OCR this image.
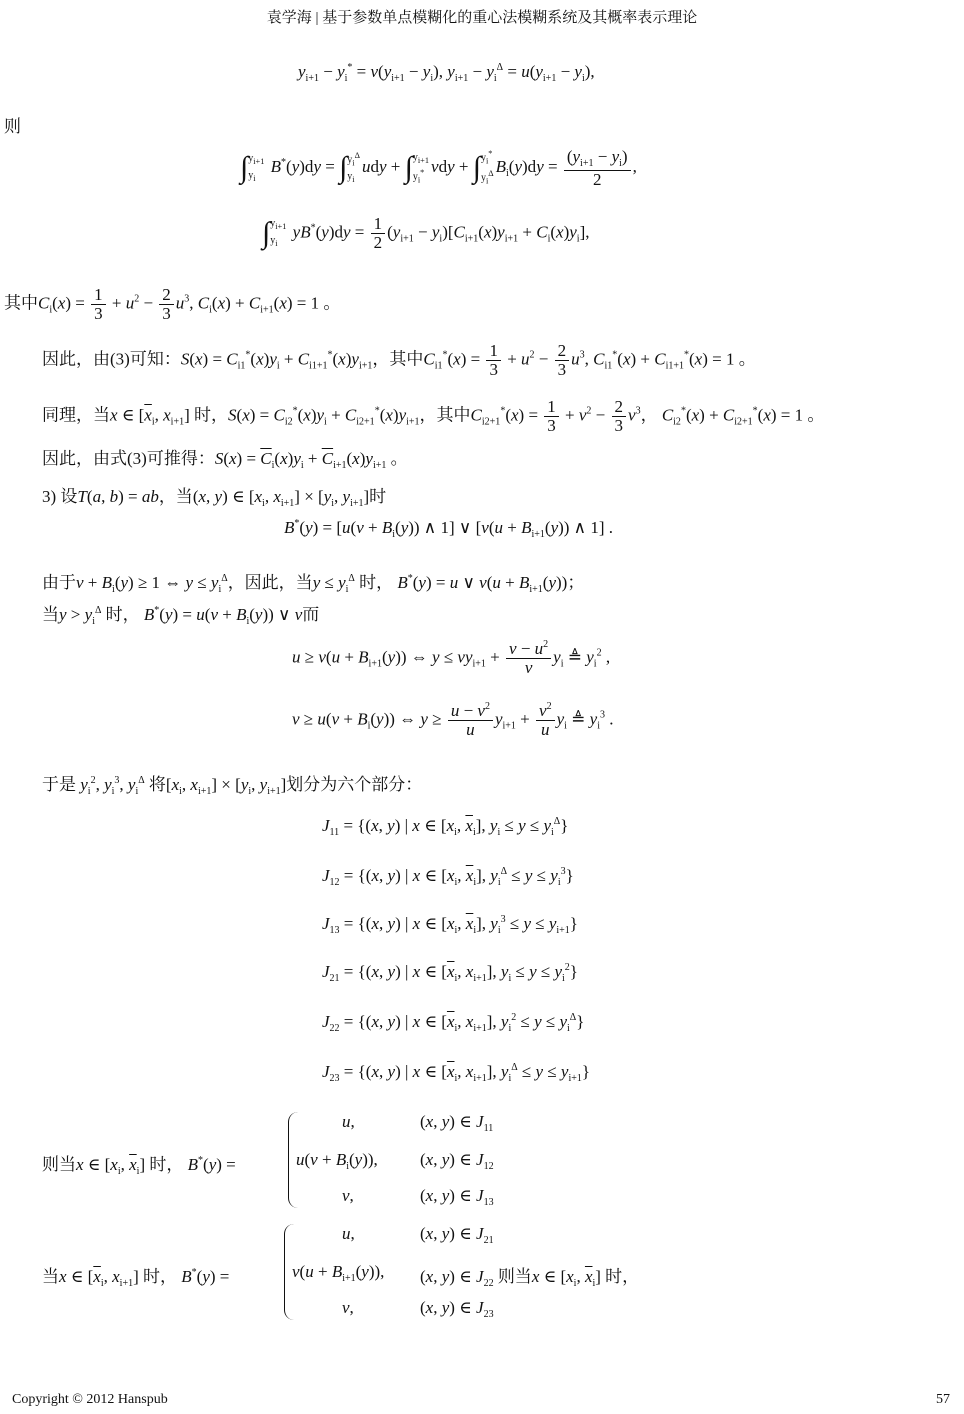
袁学海 | 基于参数单点模糊化的重心法模糊系统及其概率表示理论
$y_{i+1} - y_i^* = v(y_{i+1} - y_i)$, $y_{i+1} - y_i^\Delta = u(y_{i+1} - y_i)$,
则
$\int y_{i+1}$
$y_i$ $B^*(y)dy = \int y_i^\Delta$
$y_iudy + \int y_{i+1}$
$y_i^*$ vdy + $\int y_i^*$
$y_i^\Delta$ $B_i(y)dy = \frac{(y_{i+1} - y_i)}{2}$ ,
$\int y_{i+1}$
$y_i$ $yB^*(y)dy = \frac{1}{2} (y_{i+1} - y_i)[C_{i+1}(x)y_{i+1} + C_i(x)y_i]$,
其中$C_i(x) = \frac{1}{3} + u^2 - \frac{2}{3} u^3$, $C_i(x) + C_{i+1}(x) = 1$ 。
因此，由(3)可知：$S(x) = C_{i1}^*(x)y_i + C_{i1+1}^*(x)y_{i+1}$，其中$C_{i1}^*(x) = \frac{1}{3} + u^2 - \frac{2}{3} u^3$, $C_{i1}^*(x) + C_{i1+1}^*(x) = 1$ 。
同理，当x ∈ [$\overline{x}_i$, $x_{i+1}$] 时，$S(x) = C_{i2}^*(x)y_i + C_{i2+1}^*(x)y_{i+1}$，其中$C_{i2+1}^*(x) = \frac{1}{3} + v^2 - \frac{2}{3} v^3$， $C_{i2}^*(x) + C_{i2+1}^*(x) = 1$ 。
因此，由式(3)可推得：$S(x) = \overline{C}_i(x)y_i + \overline{C}_{i+1}(x)y_{i+1}$ 。
3) 设T(a, b) = ab，当(x, y) ∈ [$x_i$, $x_{i+1}] \times [y_i$, $y_{i+1}$]时
$B^*(y) = [u(v + B_i(y))$ ∧ 1] ∨ [$v(u + B_{i+1}(y))$ ∧ 1] .
由于$v + B_i(y) \ge 1$ ⇔ $y \le y_i^\Delta$，因此，当$y \le y_i^\Delta$ 时， B*(y) = u ∨ $v(u + B_{i+1}(y))$；
当$y > y_i^\Delta$ 时， $B^*(y) = u(v + B_i(y))$ ∨ v而
$u \ge v(u + B_{i+1}(y))$ ⇔ $y \le vy_{i+1} + \frac{v - u^2}{v} y_i$ ≜ $y_i^2$ ,
$v \ge u(v + B_i(y))$ ⇔ $y \ge \frac{u - v^2}{u} y_{i+1} + \frac{v^2}{u} y_i$ ≜ $y_i^3$ .
于是 $y_i^2$, $y_i^3$, $y_i^\Delta$ 将[$x_i$, $x_{i+1}] \times [y_i$, $y_{i+1}$]划分为六个部分：
$J_{11} = \{(x$, y) | x ∈ [$x_i$, $\overline{x}_i$], $y_i \le y \le y_i^\Delta$}
$J_{12} = \{(x$, y) | x ∈ [$x_i$, $\overline{x}_i$], $y_i^\Delta \le y \le y_i^3$}
$J_{13} = \{(x$, y) | x ∈ [$x_i$, $\overline{x}_i$], $y_i^3 \le y \le y_{i+1}$}
$J_{21} = \{(x$, y) | x ∈ [$\overline{x}_i$, $x_{i+1}$], $y_i \le y \le y_i^2$}
$J_{22} = \{(x$, y) | x ∈ [$\overline{x}_i$, $x_{i+1}$], $y_i^2 \le y \le y_i^\Delta$}
$J_{23} = \{(x$, y) | x ∈ [$\overline{x}_i$, $x_{i+1}$], $y_i^\Delta \le y \le y_{i+1}$}
则当x ∈ [$x_i$, $\overline{x}_i$] 时， B*(y) =
u,	(x, y) ∈ $J_{11}$
$u(v + B_i(y))$, (x, y) ∈ $J_{12}$
v,	(x, y) ∈ $J_{13}$
当x ∈ [$\overline{x}_i$, $x_{i+1}$] 时， B*(y) =
u,	(x, y) ∈ $J_{21}$
$v(u + B_{i+1}(y))$, (x, y) ∈ $J_{22}$ 则当x ∈ [$x_i$, $\overline{x}_i$] 时，
v,	(x, y) ∈ $J_{23}$
Copyright © 2012 Hanspub	57
